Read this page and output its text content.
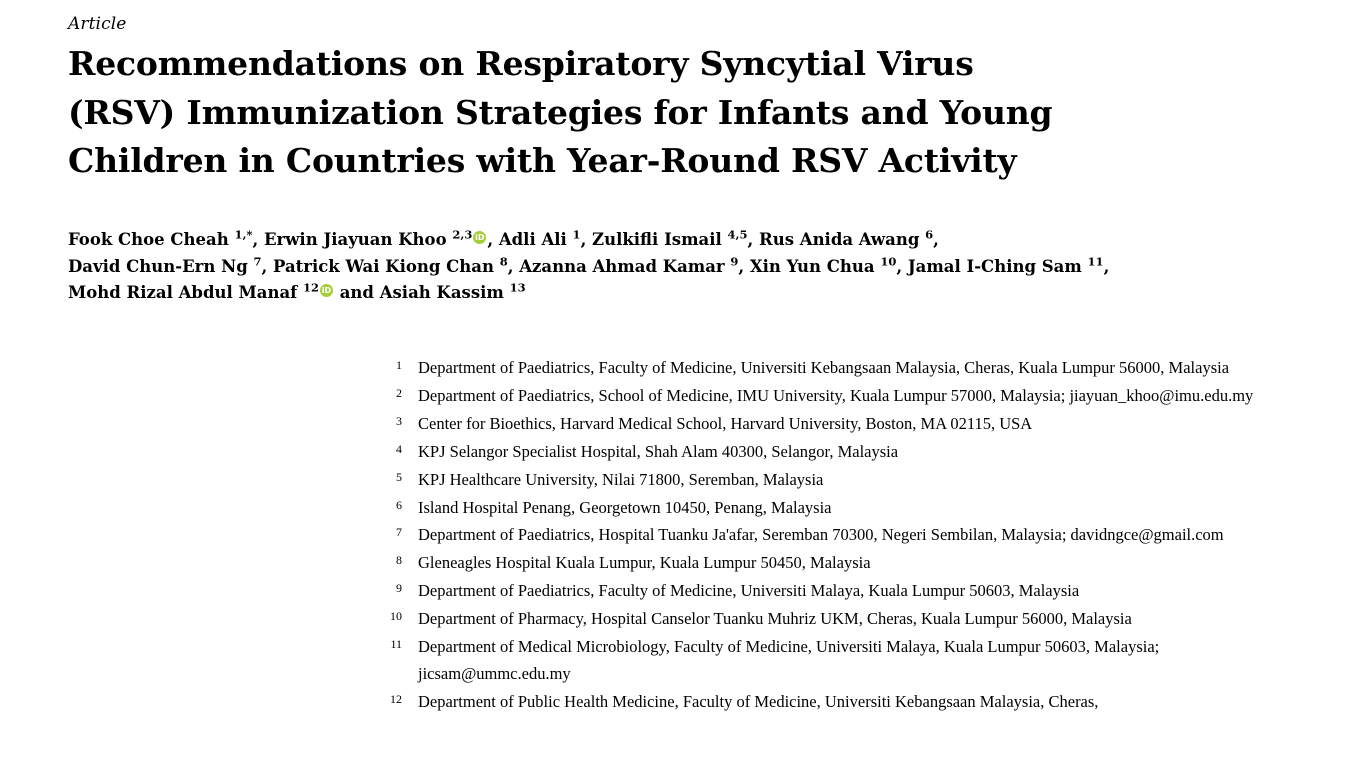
Article
Recommendations on Respiratory Syncytial Virus (RSV) Immunization Strategies for Infants and Young Children in Countries with Year-Round RSV Activity
Fook Choe Cheah $^{1,*}$, Erwin Jiayuan Khoo $^{2,3}$ iD , Adli Ali $^1$, Zulkifli Ismail $^{4,5}$, Rus Anida Awang $^6$,
David Chun-Ern Ng $^7$, Patrick Wai Kiong Chan $^8$, Azanna Ahmad Kamar $^9$, Xin Yun Chua $^{10}$, Jamal I-Ching Sam $^{11}$,
Mohd Rizal Abdul Manaf $^{12}$iD and Asiah Kassim $^{13}$
1 Department of Paediatrics, Faculty of Medicine, Universiti Kebangsaan Malaysia, Cheras, Kuala Lumpur 56000, Malaysia
2 Department of Paediatrics, School of Medicine, IMU University, Kuala Lumpur 57000, Malaysia; jiayuan_khoo@imu.edu.my
3 Center for Bioethics, Harvard Medical School, Harvard University, Boston, MA 02115, USA
4 KPJ Selangor Specialist Hospital, Shah Alam 40300, Selangor, Malaysia
5 KPJ Healthcare University, Nilai 71800, Seremban, Malaysia
6 Island Hospital Penang, Georgetown 10450, Penang, Malaysia
7 Department of Paediatrics, Hospital Tuanku Ja'afar, Seremban 70300, Negeri Sembilan, Malaysia; davidngce@gmail.com
8 Gleneagles Hospital Kuala Lumpur, Kuala Lumpur 50450, Malaysia
9 Department of Paediatrics, Faculty of Medicine, Universiti Malaya, Kuala Lumpur 50603, Malaysia
10 Department of Pharmacy, Hospital Canselor Tuanku Muhriz UKM, Cheras, Kuala Lumpur 56000, Malaysia
11 Department of Medical Microbiology, Faculty of Medicine, Universiti Malaya, Kuala Lumpur 50603, Malaysia; jicsam@ummc.edu.my
12 Department of Public Health Medicine, Faculty of Medicine, Universiti Kebangsaan Malaysia, Cheras,
